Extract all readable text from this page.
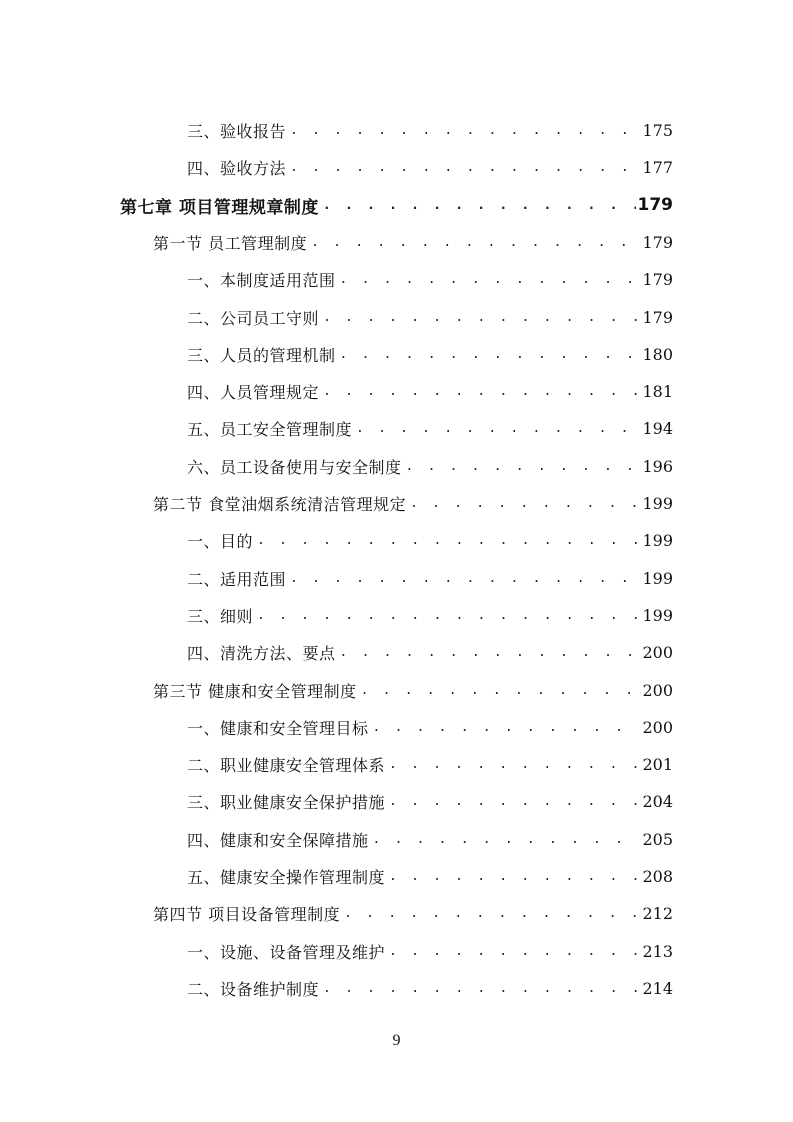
三、验收报告 . . .	175
四、验收方法 . . .	177
第七章 项目管理规章制度 . . .	179
第一节 员工管理制度 . . .	179
一、本制度适用范围 . . .	179
二、公司员工守则 . . .	179
三、人员的管理机制 . . .	180
四、人员管理规定 . . .	181
五、员工安全管理制度 . . .	194
六、员工设备使用与安全制度 . . .	196
第二节 食堂油烟系统清洁管理规定 . . .	199
一、目的 . . .	199
二、适用范围 . . .	199
三、细则 . . .	199
四、清洗方法、要点 . . .	200
第三节 健康和安全管理制度 . . .	200
一、健康和安全管理目标 . . .	200
二、职业健康安全管理体系 . . .	201
三、职业健康安全保护措施 . . .	204
四、健康和安全保障措施 . . .	205
五、健康安全操作管理制度 . . .	208
第四节 项目设备管理制度 . . .	212
一、设施、设备管理及维护 . . .	213
二、设备维护制度 . . .	214
9
